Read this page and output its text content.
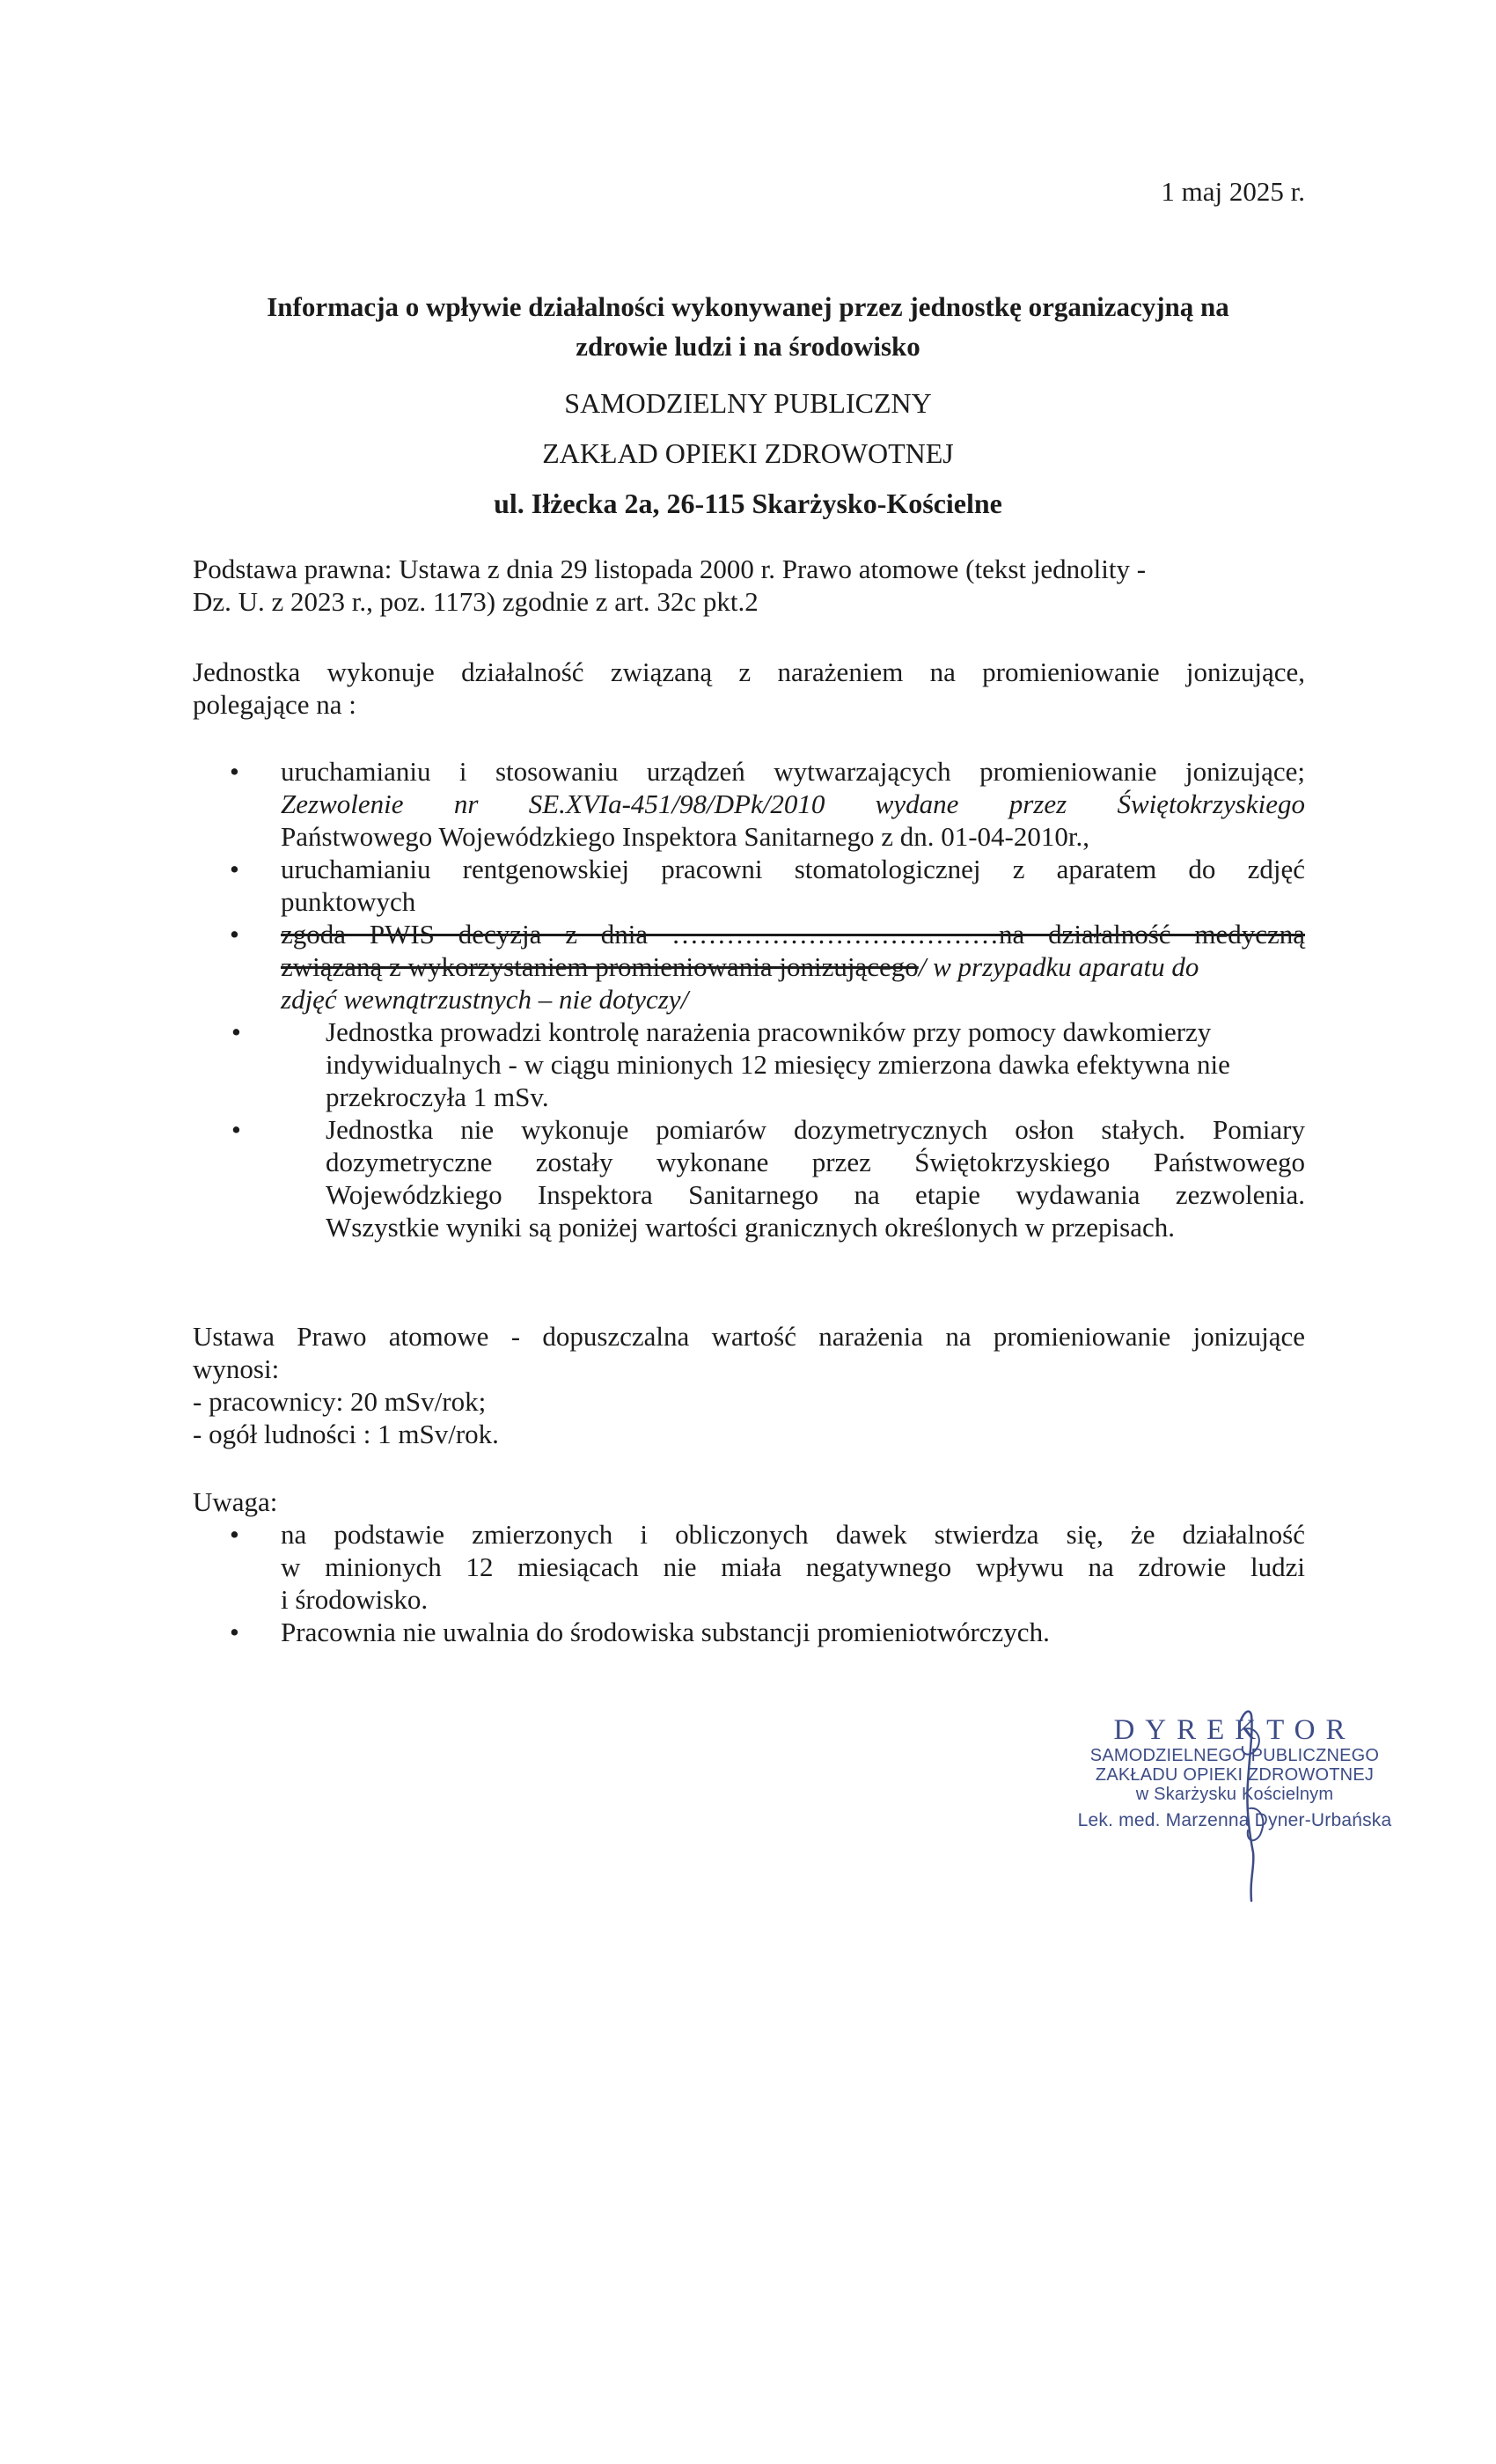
1 maj 2025 r.
Informacja o wpływie działalności wykonywanej przez jednostkę organizacyjną na
zdrowie ludzi i na środowisko
SAMODZIELNY PUBLICZNY
ZAKŁAD OPIEKI ZDROWOTNEJ
ul. Iłżecka 2a, 26-115 Skarżysko-Kościelne
Podstawa prawna: Ustawa z dnia 29 listopada 2000 r. Prawo atomowe (tekst jednolity -
Dz. U. z 2023 r., poz. 1173) zgodnie z art. 32c pkt.2
Jednostka wykonuje działalność związaną z narażeniem na promieniowanie jonizujące,
polegające na :
• uruchamianiu i stosowaniu urządzeń wytwarzających promieniowanie jonizujące;
Zezwolenie nr SE.XVIa-451/98/DPk/2010 wydane przez Świętokrzyskiego
Państwowego Wojewódzkiego Inspektora Sanitarnego z dn. 01-04-2010r.,
• uruchamianiu rentgenowskiej pracowni stomatologicznej z aparatem do zdjęć
punktowych
• zgoda PWIS decyzja z dnia ………………………………na działalność medyczną
związaną z wykorzystaniem promieniowania jonizującego/ w przypadku aparatu do
zdjęć wewnątrzustnych – nie dotyczy/
•	Jednostka prowadzi kontrolę narażenia pracowników przy pomocy dawkomierzy
indywidualnych - w ciągu minionych 12 miesięcy zmierzona dawka efektywna nie
przekroczyła 1 mSv.
•	Jednostka nie wykonuje pomiarów dozymetrycznych osłon stałych. Pomiary
dozymetryczne zostały wykonane przez Świętokrzyskiego Państwowego
Wojewódzkiego Inspektora Sanitarnego na etapie wydawania zezwolenia.
Wszystkie wyniki są poniżej wartości granicznych określonych w przepisach.
Ustawa Prawo atomowe - dopuszczalna wartość narażenia na promieniowanie jonizujące
wynosi:
- pracownicy: 20 mSv/rok;
- ogół ludności : 1 mSv/rok.
Uwaga:
• na podstawie zmierzonych i obliczonych dawek stwierdza się, że działalność
w minionych 12 miesiącach nie miała negatywnego wpływu na zdrowie ludzi
i środowisko.
• Pracownia nie uwalnia do środowiska substancji promieniotwórczych.
DYREKTOR
SAMODZIELNEGO PUBLICZNEGO
ZAKŁADU OPIEKI ZDROWOTNEJ
w Skarżysku Kościelnym
Lek. med. Marzenna Dyner-Urbańska
